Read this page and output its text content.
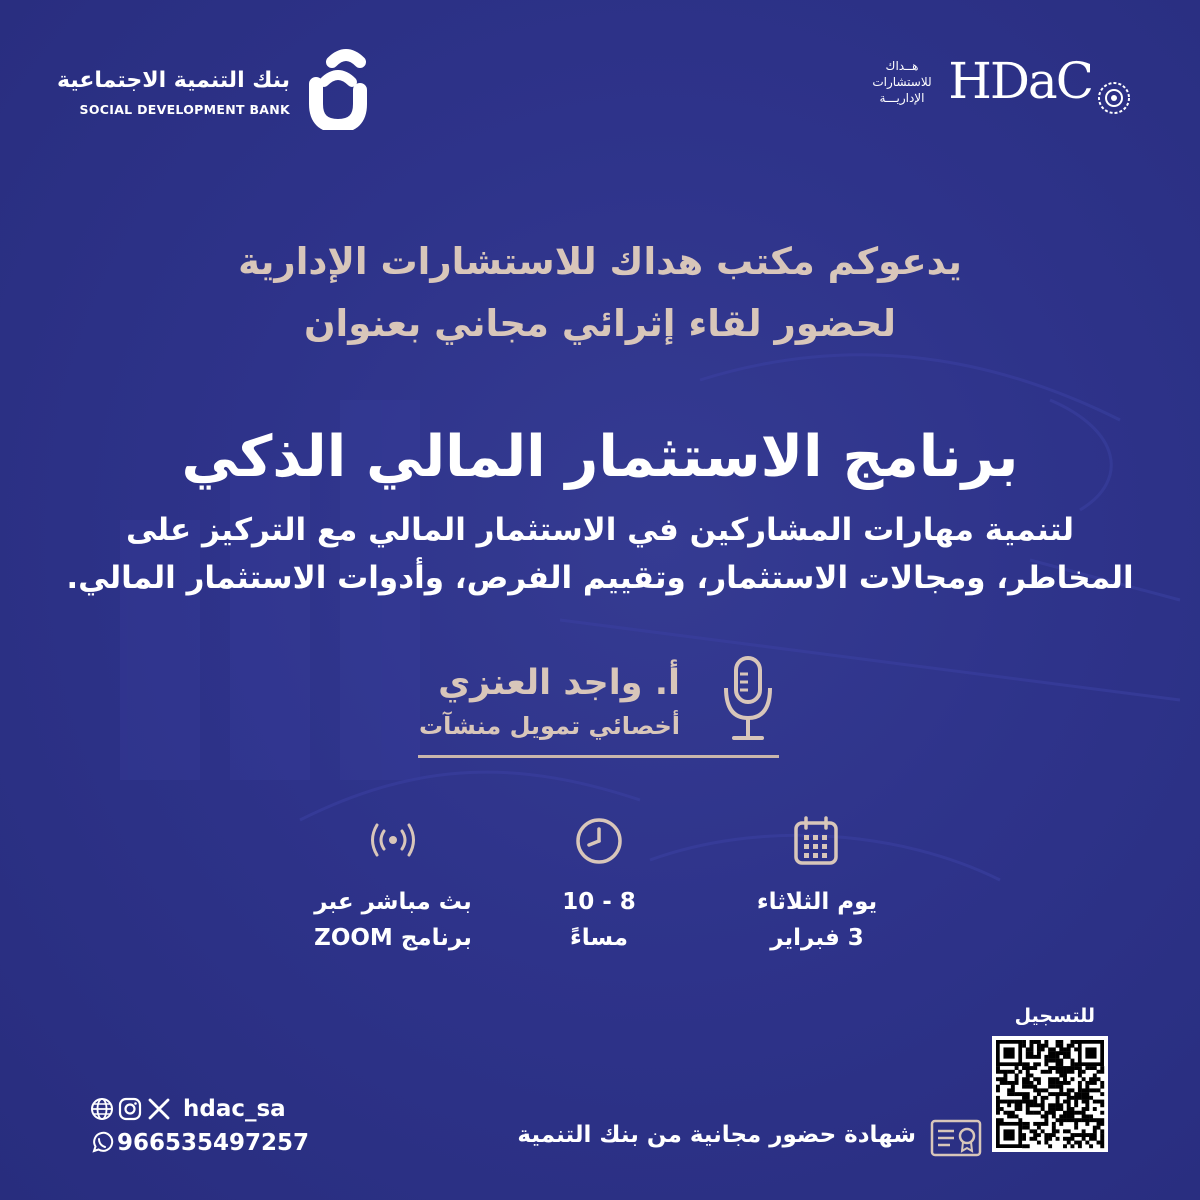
بنك التنمية الاجتماعية
SOCIAL DEVELOPMENT BANK
هــداك
للاستشارات
الإداريـــة HDaC
يدعوكم مكتب هداك للاستشارات الإدارية
لحضور لقاء إثرائي مجاني بعنوان
برنامج الاستثمار المالي الذكي
لتنمية مهارات المشاركين في الاستثمار المالي مع التركيز على
المخاطر، ومجالات الاستثمار، وتقييم الفرص، وأدوات الاستثمار المالي.
أ. واجد العنزي
أخصائي تمويل منشآت
بث مباشر عبر
برنامج ZOOM
8 - 10
مساءً
يوم الثلاثاء
3 فبراير
للتسجيل
شهادة حضور مجانية من بنك التنمية
hdac_sa
966535497257
